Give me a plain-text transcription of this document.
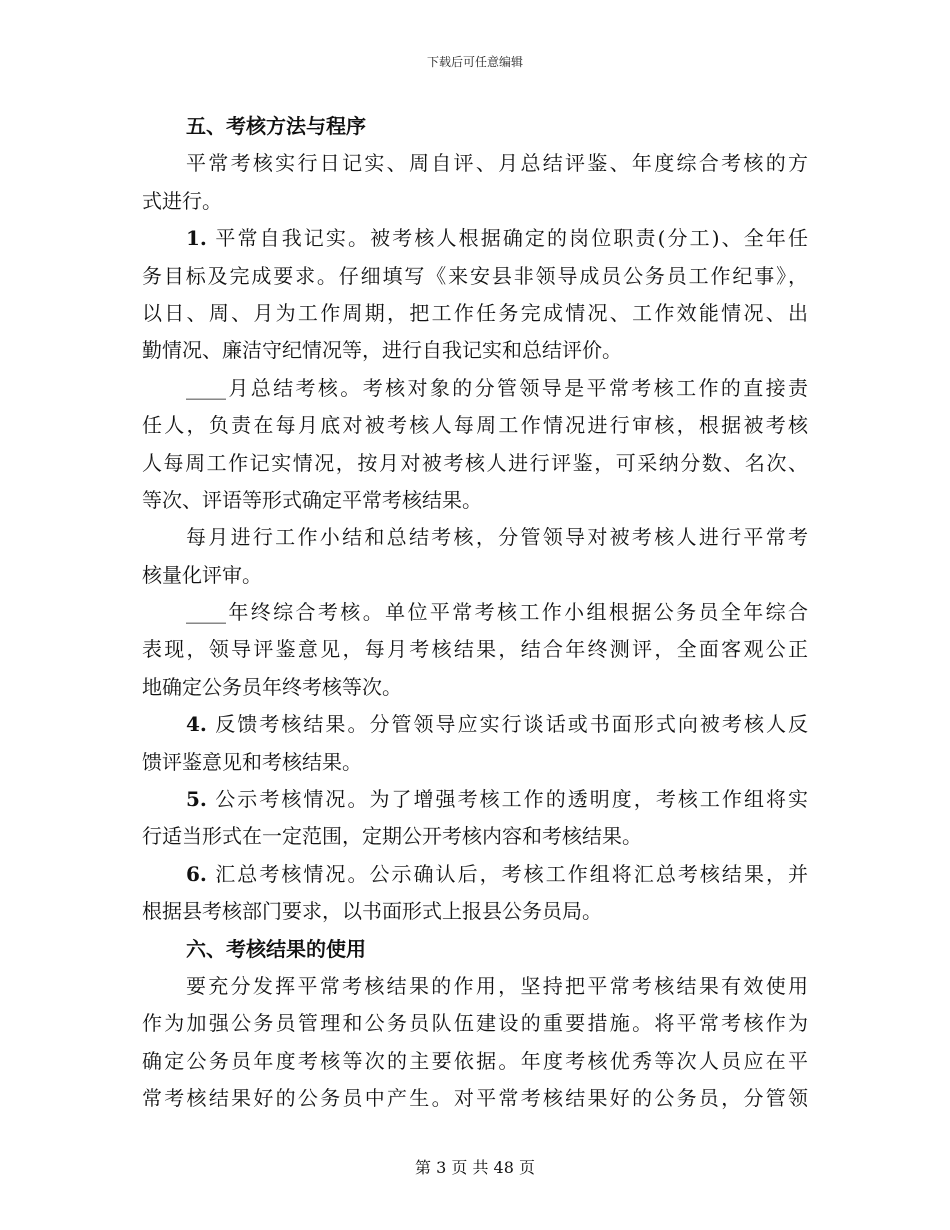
下载后可任意编辑
五、考核方法与程序
平常考核实行日记实、周自评、月总结评鉴、年度综合考核的方
式进行。
1. 平常自我记实。被考核人根据确定的岗位职责(分工)、全年任
务目标及完成要求。仔细填写《来安县非领导成员公务员工作纪事》，
以日、周、月为工作周期，把工作任务完成情况、工作效能情况、出
勤情况、廉洁守纪情况等，进行自我记实和总结评价。
____月总结考核。考核对象的分管领导是平常考核工作的直接责
任人，负责在每月底对被考核人每周工作情况进行审核，根据被考核
人每周工作记实情况，按月对被考核人进行评鉴，可采纳分数、名次、
等次、评语等形式确定平常考核结果。
每月进行工作小结和总结考核，分管领导对被考核人进行平常考
核量化评审。
____年终综合考核。单位平常考核工作小组根据公务员全年综合
表现，领导评鉴意见，每月考核结果，结合年终测评，全面客观公正
地确定公务员年终考核等次。
4. 反馈考核结果。分管领导应实行谈话或书面形式向被考核人反
馈评鉴意见和考核结果。
5. 公示考核情况。为了增强考核工作的透明度，考核工作组将实
行适当形式在一定范围，定期公开考核内容和考核结果。
6. 汇总考核情况。公示确认后，考核工作组将汇总考核结果，并
根据县考核部门要求，以书面形式上报县公务员局。
六、考核结果的使用
要充分发挥平常考核结果的作用，坚持把平常考核结果有效使用
作为加强公务员管理和公务员队伍建设的重要措施。将平常考核作为
确定公务员年度考核等次的主要依据。年度考核优秀等次人员应在平
常考核结果好的公务员中产生。对平常考核结果好的公务员，分管领
第 3 页 共 48 页
